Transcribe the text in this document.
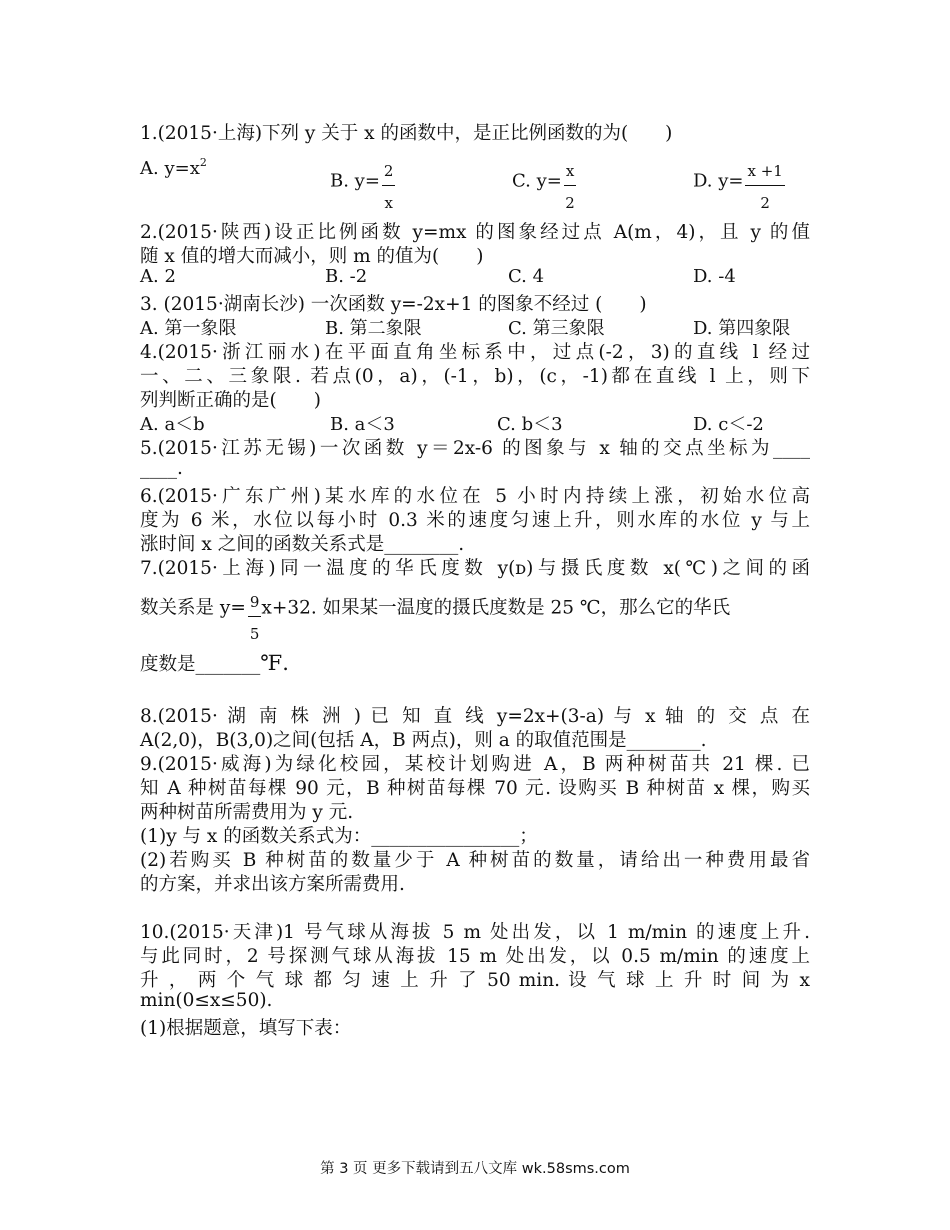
1.(2015·上海)下列 y 关于 x 的函数中，是正比例函数的为(　　)
A. $y=x^2$
B. $y= \frac{2}{x}$	C. $y= \frac{x}{2}$	D. $y= \frac{x +1}{2}$
2.(2015·陕西)设正比例函数 y=mx 的图象经过点 A(m，4)，且 y 的值
随 x 值的增大而减小，则 m 的值为(　　)
A. 2	B. -2	C. 4	D. -4
3. (2015·湖南长沙) 一次函数 y=-2x+1 的图象不经过 (　　)
A. 第一象限	B. 第二象限	C. 第三象限	D. 第四象限
4.(2015·浙江丽水)在平面直角坐标系中，过点(-2，3)的直线 l 经过
一、二、三象限. 若点(0，a)，(-1，b)，(c，-1)都在直线 l 上，则下
列判断正确的是(　　)
A. a＜b	B. a＜3	C. b＜3	D. c＜-2
5.(2015·江苏无锡)一次函数 y＝2x-6 的图象与 x 轴的交点坐标为____
____.
6.(2015·广东广州)某水库的水位在 5 小时内持续上涨，初始水位高
度为 6 米，水位以每小时 0.3 米的速度匀速上升，则水库的水位 y 与上
涨时间 x 之间的函数关系式是________.
7.(2015·上海)同一温度的华氏度数 y(ᴅ)与摄氏度数 x(℃)之间的函
数关系是 $y= \frac{9}{5} x+32$. 如果某一温度的摄氏度数是 25 ℃，那么它的华氏
度数是_______℉.
8.(2015· 湖 南 株 洲 ) 已 知 直 线 y=2x+(3-a) 与 x 轴 的 交 点 在
A(2,0)，B(3,0)之间(包括 A，B 两点)，则 a 的取值范围是________.
9.(2015·威海)为绿化校园，某校计划购进 A，B 两种树苗共 21 棵. 已
知 A 种树苗每棵 90 元，B 种树苗每棵 70 元. 设购买 B 种树苗 x 棵，购买
两种树苗所需费用为 y 元.
(1)y 与 x 的函数关系式为：________________；
(2)若购买 B 种树苗的数量少于 A 种树苗的数量，请给出一种费用最省
的方案，并求出该方案所需费用.
10.(2015·天津)1 号气球从海拔 5 m 处出发，以 1 m/min 的速度上升.
与此同时，2 号探测气球从海拔 15 m 处出发，以 0.5 m/min 的速度上
升 ， 两 个 气 球 都 匀 速 上 升 了 50 min. 设 气 球 上 升 时 间 为 x
min(0≤x≤50).
(1)根据题意，填写下表：
第 3 页 更多下载请到五八文库 wk.58sms.com
